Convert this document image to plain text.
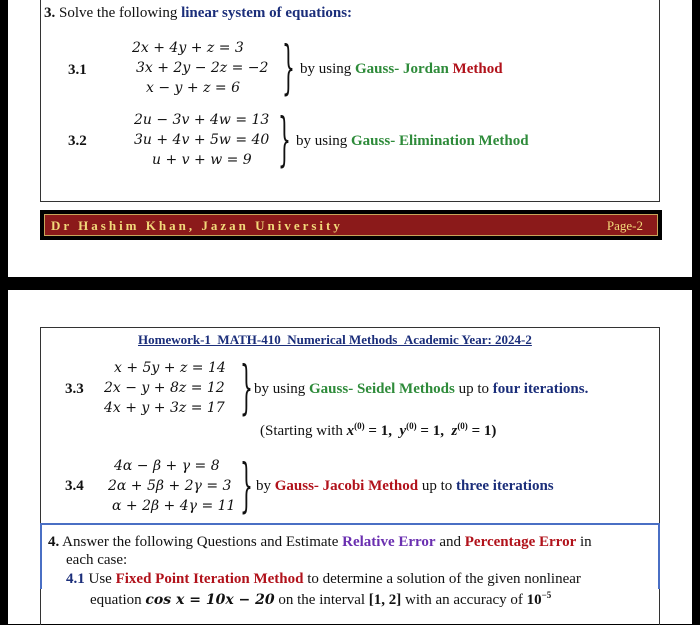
3. Solve the following linear system of equations:
3.1
2x + 4y + z = 3
3x + 2y − 2z = −2
x − y + z = 6 } by using Gauss- Jordan Method
3.2
2u − 3v + 4w = 13
3u + 4v + 5w = 40
u + v + w = 9 } by using Gauss- Elimination Method
Dr Hashim Khan, Jazan University	Page-2
Homework-1_MATH-410_Numerical Methods_Academic Year: 2024-2
3.3
x + 5y + z = 14
2x − y + 8z = 12
4x + y + 3z = 17 } by using Gauss- Seidel Methods up to four iterations.
(Starting with $x^{(0)} = 1$, $y^{(0)} = 1$, $z^{(0)} = 1$)
3.4
4α − β + γ = 8
2α + 5β + 2γ = 3
α + 2β + 4γ = 11 } by Gauss- Jacobi Method up to three iterations
4. Answer the following Questions and Estimate Relative Error and Percentage Error in
each case:
4.1 Use Fixed Point Iteration Method to determine a solution of the given nonlinear
equation cos x = 10x − 20 on the interval [1, 2] with an accuracy of $10^{-5}$
